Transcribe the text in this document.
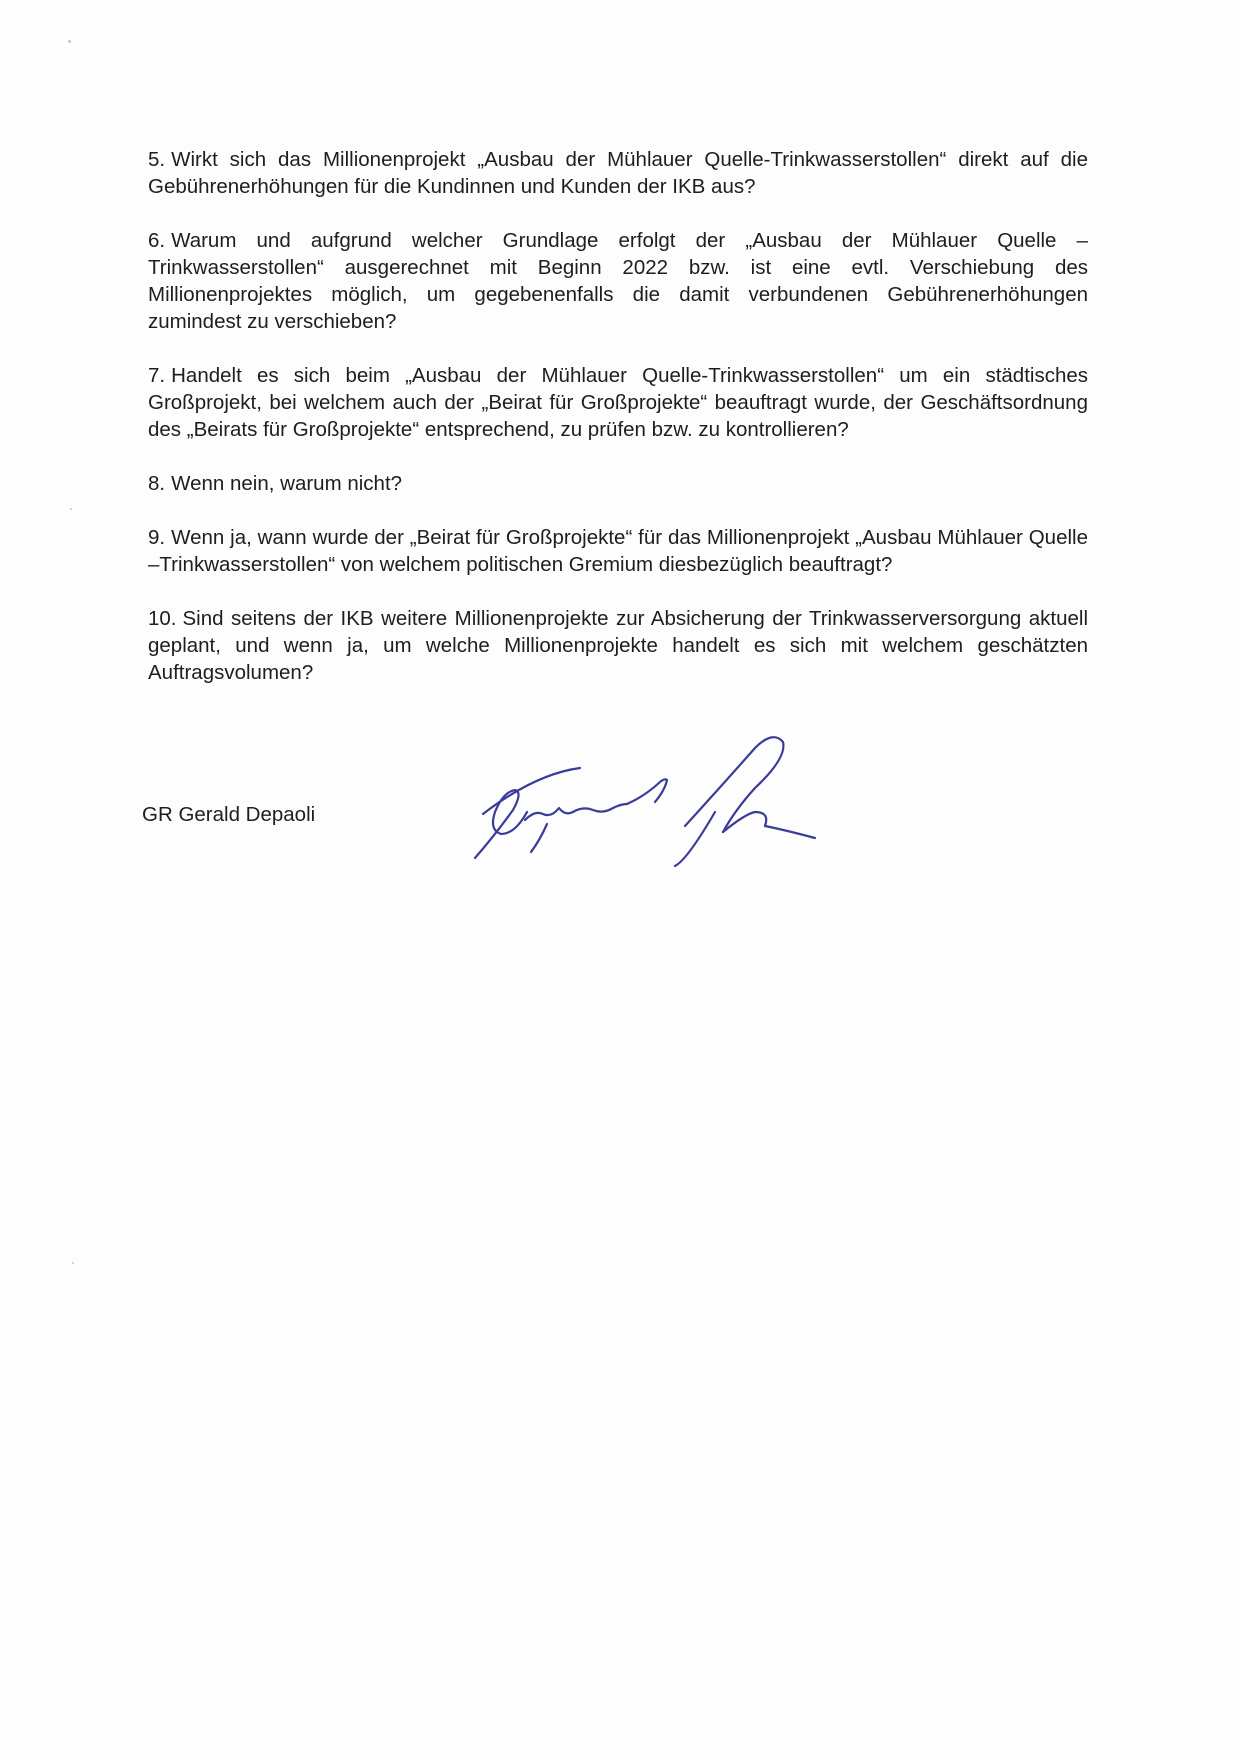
5. Wirkt sich das Millionenprojekt „Ausbau der Mühlauer Quelle-Trinkwasserstollen“ direkt auf die Gebührenerhöhungen für die Kundinnen und Kunden der IKB aus?

6. Warum und aufgrund welcher Grundlage erfolgt der „Ausbau der Mühlauer Quelle – Trinkwasserstollen“ ausgerechnet mit Beginn 2022 bzw. ist eine evtl. Verschiebung des Millionenprojektes möglich, um gegebenenfalls die damit verbundenen Gebührenerhöhungen zumindest zu verschieben?

7. Handelt es sich beim „Ausbau der Mühlauer Quelle-Trinkwasserstollen“ um ein städtisches Großprojekt, bei welchem auch der „Beirat für Großprojekte“ beauftragt wurde, der Geschäftsordnung des „Beirats für Großprojekte“ entsprechend, zu prüfen bzw. zu kontrollieren?

8. Wenn nein, warum nicht?

9. Wenn ja, wann wurde der „Beirat für Großprojekte“ für das Millionenprojekt „Ausbau Mühlauer Quelle –Trinkwasserstollen“ von welchem politischen Gremium diesbezüglich beauftragt?

10. Sind seitens der IKB weitere Millionenprojekte zur Absicherung der Trinkwasserversorgung aktuell geplant, und wenn ja, um welche Millionenprojekte handelt es sich mit welchem geschätzten Auftragsvolumen?

GR Gerald Depaoli
